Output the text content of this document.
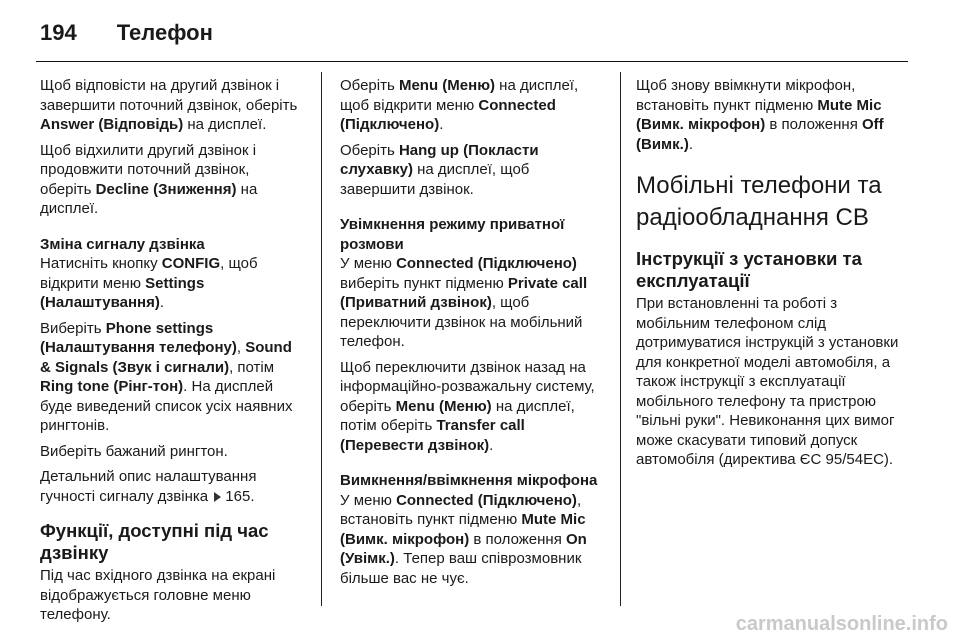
194 Телефон

Щоб відповісти на другий дзвінок і завершити поточний дзвінок, оберіть Answer (Відповідь) на дисплеї.

Щоб відхилити другий дзвінок і продовжити поточний дзвінок, оберіть Decline (Зниження) на дисплеї.

Зміна сигналу дзвінка

Натисніть кнопку CONFIG, щоб відкрити меню Settings (Налаштування).

Виберіть Phone settings (Налаштування телефону), Sound & Signals (Звук і сигнали), потім Ring tone (Рінг-тон). На дисплей буде виведений список усіх наявних рингтонів.

Виберіть бажаний рингтон.

Детальний опис налаштування гучності сигналу дзвінка 165.

Функції, доступні під час дзвінку

Під час вхідного дзвінка на екрані відображується головне меню телефону.

Оберіть Menu (Меню) на дисплеї, щоб відкрити меню Connected (Підключено).

Оберіть Hang up (Покласти слухавку) на дисплеї, щоб завершити дзвінок.

Увімкнення режиму приватної розмови

У меню Connected (Підключено) виберіть пункт підменю Private call (Приватний дзвінок), щоб переключити дзвінок на мобільний телефон.

Щоб переключити дзвінок назад на інформаційно-розважальну систему, оберіть Menu (Меню) на дисплеї, потім оберіть Transfer call (Перевести дзвінок).

Вимкнення/ввімкнення мікрофона

У меню Connected (Підключено), встановіть пункт підменю Mute Mic (Вимк. мікрофон) в положення On (Увімк.). Тепер ваш співрозмовник більше вас не чує.

Щоб знову ввімкнути мікрофон, встановіть пункт підменю Mute Mic (Вимк. мікрофон) в положення Off (Вимк.).

Мобільні телефони та радіообладнання CB
Інструкції з установки та експлуатації

При встановленні та роботі з мобільним телефоном слід дотримуватися інструкцій з установки для конкретної моделі автомобіля, а також інструкції з експлуатації мобільного телефону та пристрою "вільні руки". Невиконання цих вимог може скасувати типовий допуск автомобіля (директива ЄС 95/54EC).

carmanualsonline.info
